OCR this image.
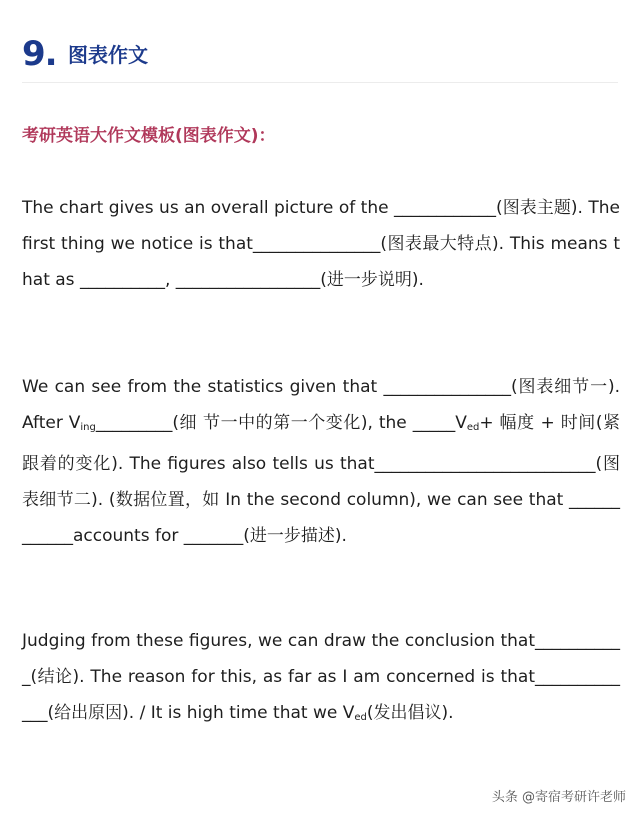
9. 图表作文
考研英语大作文模板(图表作文)：

The chart gives us an overall picture of the ____________(图表主题). The first thing we notice is that_______________(图表最大特点). This means that as __________, _________________(进一步说明).

We can see from the statistics given that _______________(图表细节一). After $V_{ing}\_\_\_\_\_\_\_\_\_$(细 节一中的第一个变化), the $\_\_\_\_\_V_{ed}+$ 幅度 + 时间(紧跟着的变化). The figures also tells us that__________________________(图表细节二). (数据位置，如 In the second column), we can see that ____________accounts for _______(进一步描述).

Judging from these figures, we can draw the conclusion that___________(结论). The reason for this, as far as I am concerned is that_____________(给出原因). / It is high time that we $V_{ed}$(发出倡议).

头条 @寄宿考研许老师
